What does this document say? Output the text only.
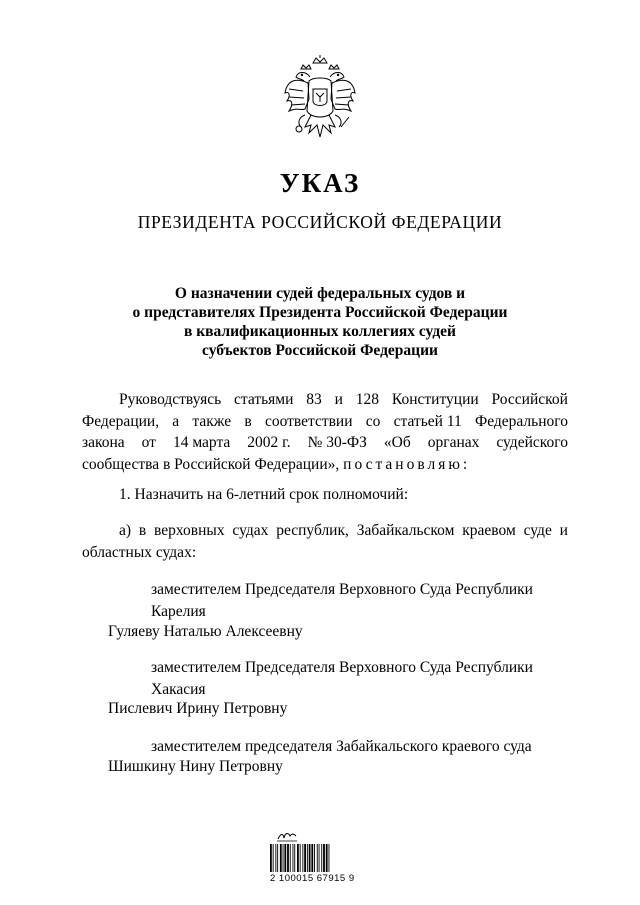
УКАЗ
ПРЕЗИДЕНТА РОССИЙСКОЙ ФЕДЕРАЦИИ
О назначении судей федеральных судов и
о представителях Президента Российской Федерации
в квалификационных коллегиях судей
субъектов Российской Федерации
Руководствуясь статьями 83 и 128 Конституции Российской
Федерации, а также в соответствии со статьей 11 Федерального
закона от 14 марта 2002 г. № 30-ФЗ «Об органах судейского
сообщества в Российской Федерации», постановляю:
1. Назначить на 6-летний срок полномочий:
а) в верховных судах республик, Забайкальском краевом суде и
областных судах:
заместителем Председателя Верховного Суда Республики
Карелия
Гуляеву Наталью Алексеевну
заместителем Председателя Верховного Суда Республики
Хакасия
Пислевич Ирину Петровну
заместителем председателя Забайкальского краевого суда
Шишкину Нину Петровну
2 100015 67915 9
